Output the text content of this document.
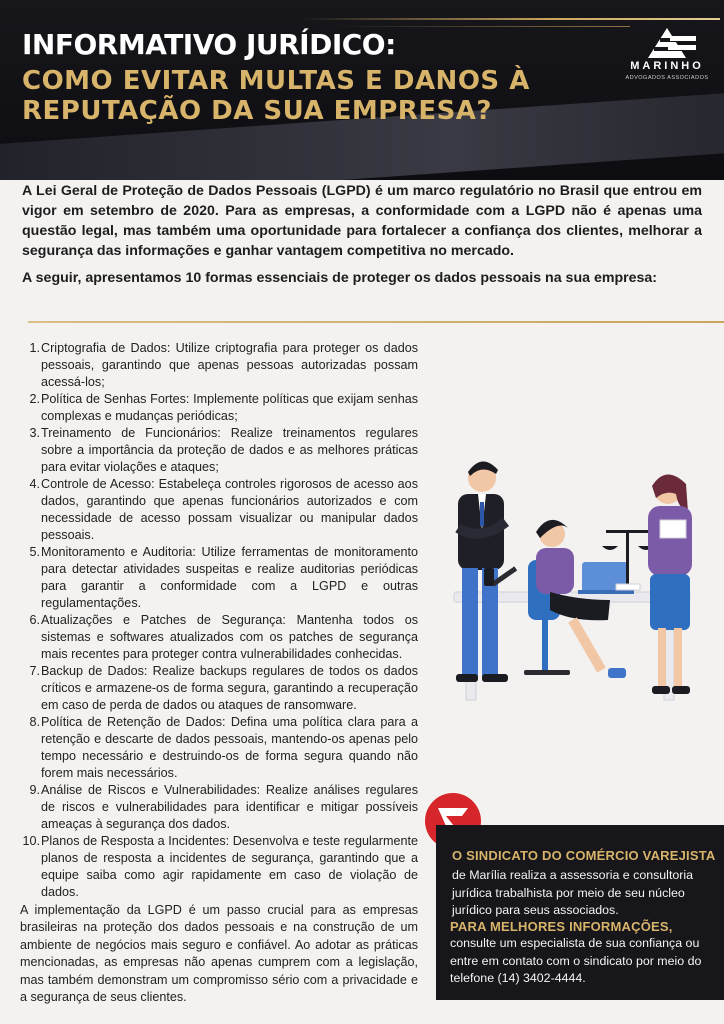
INFORMATIVO JURÍDICO:
COMO EVITAR MULTAS E DANOS À REPUTAÇÃO DA SUA EMPRESA?
MARINHO
ADVOGADOS ASSOCIADOS

A Lei Geral de Proteção de Dados Pessoais (LGPD) é um marco regulatório no Brasil que entrou em vigor em setembro de 2020. Para as empresas, a conformidade com a LGPD não é apenas uma questão legal, mas também uma oportunidade para fortalecer a confiança dos clientes, melhorar a segurança das informações e ganhar vantagem competitiva no mercado.

A seguir, apresentamos 10 formas essenciais de proteger os dados pessoais na sua empresa:

1. Criptografia de Dados: Utilize criptografia para proteger os dados pessoais, garantindo que apenas pessoas autorizadas possam acessá-los;
2. Política de Senhas Fortes: Implemente políticas que exijam senhas complexas e mudanças periódicas;
3. Treinamento de Funcionários: Realize treinamentos regulares sobre a importância da proteção de dados e as melhores práticas para evitar violações e ataques;
4. Controle de Acesso: Estabeleça controles rigorosos de acesso aos dados, garantindo que apenas funcionários autorizados e com necessidade de acesso possam visualizar ou manipular dados pessoais.
5. Monitoramento e Auditoria: Utilize ferramentas de monitoramento para detectar atividades suspeitas e realize auditorias periódicas para garantir a conformidade com a LGPD e outras regulamentações.
6. Atualizações e Patches de Segurança: Mantenha todos os sistemas e softwares atualizados com os patches de segurança mais recentes para proteger contra vulnerabilidades conhecidas.
7. Backup de Dados: Realize backups regulares de todos os dados críticos e armazene-os de forma segura, garantindo a recuperação em caso de perda de dados ou ataques de ransomware.
8. Política de Retenção de Dados: Defina uma política clara para a retenção e descarte de dados pessoais, mantendo-os apenas pelo tempo necessário e destruindo-os de forma segura quando não forem mais necessários.
9. Análise de Riscos e Vulnerabilidades: Realize análises regulares de riscos e vulnerabilidades para identificar e mitigar possíveis ameaças à segurança dos dados.
10. Planos de Resposta a Incidentes: Desenvolva e teste regularmente planos de resposta a incidentes de segurança, garantindo que a equipe saiba como agir rapidamente em caso de violação de dados.

A implementação da LGPD é um passo crucial para as empresas brasileiras na proteção dos dados pessoais e na construção de um ambiente de negócios mais seguro e confiável. Ao adotar as práticas mencionadas, as empresas não apenas cumprem com a legislação, mas também demonstram um compromisso sério com a privacidade e a segurança de seus clientes.

O SINDICATO DO COMÉRCIO VAREJISTA
de Marília realiza a assessoria e consultoria jurídica trabalhista por meio de seu núcleo jurídico para seus associados.
PARA MELHORES INFORMAÇÕES,
consulte um especialista de sua confiança ou entre em contato com o sindicato por meio do telefone (14) 3402-4444.
